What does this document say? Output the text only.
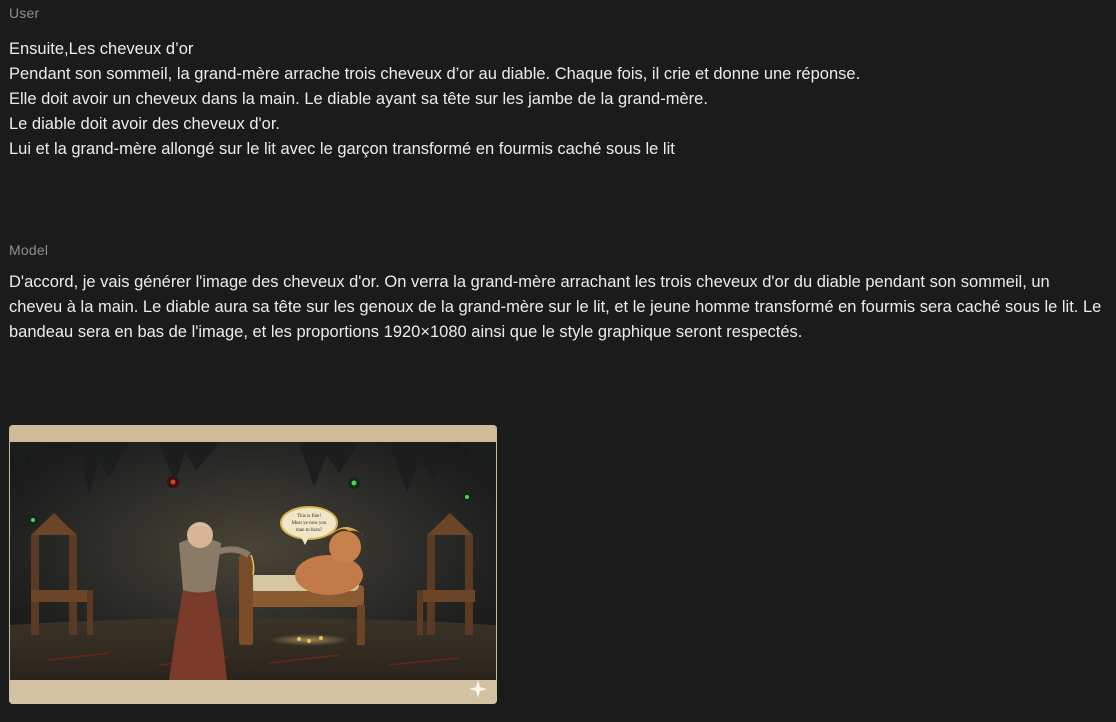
User
Ensuite,Les cheveux d’or
Pendant son sommeil, la grand-mère arrache trois cheveux d’or au diable. Chaque fois, il crie et donne une réponse.
Elle doit avoir un cheveux dans la main. Le diable ayant sa tête sur les jambe de la grand-mère.
Le diable doit avoir des cheveux d'or.
Lui et la grand-mère allongé sur le lit avec le garçon transformé en fourmis caché sous le lit
Model
D'accord, je vais générer l'image des cheveux d'or. On verra la grand-mère arrachant les trois cheveux d'or du diable pendant son sommeil, un cheveu à la main. Le diable aura sa tête sur les genoux de la grand-mère sur le lit, et le jeune homme transformé en fourmis sera caché sous le lit. Le bandeau sera en bas de l'image, et les proportions 1920×1080 ainsi que le style graphique seront respectés.
This is fine!
Must ye now you
man to barn?
